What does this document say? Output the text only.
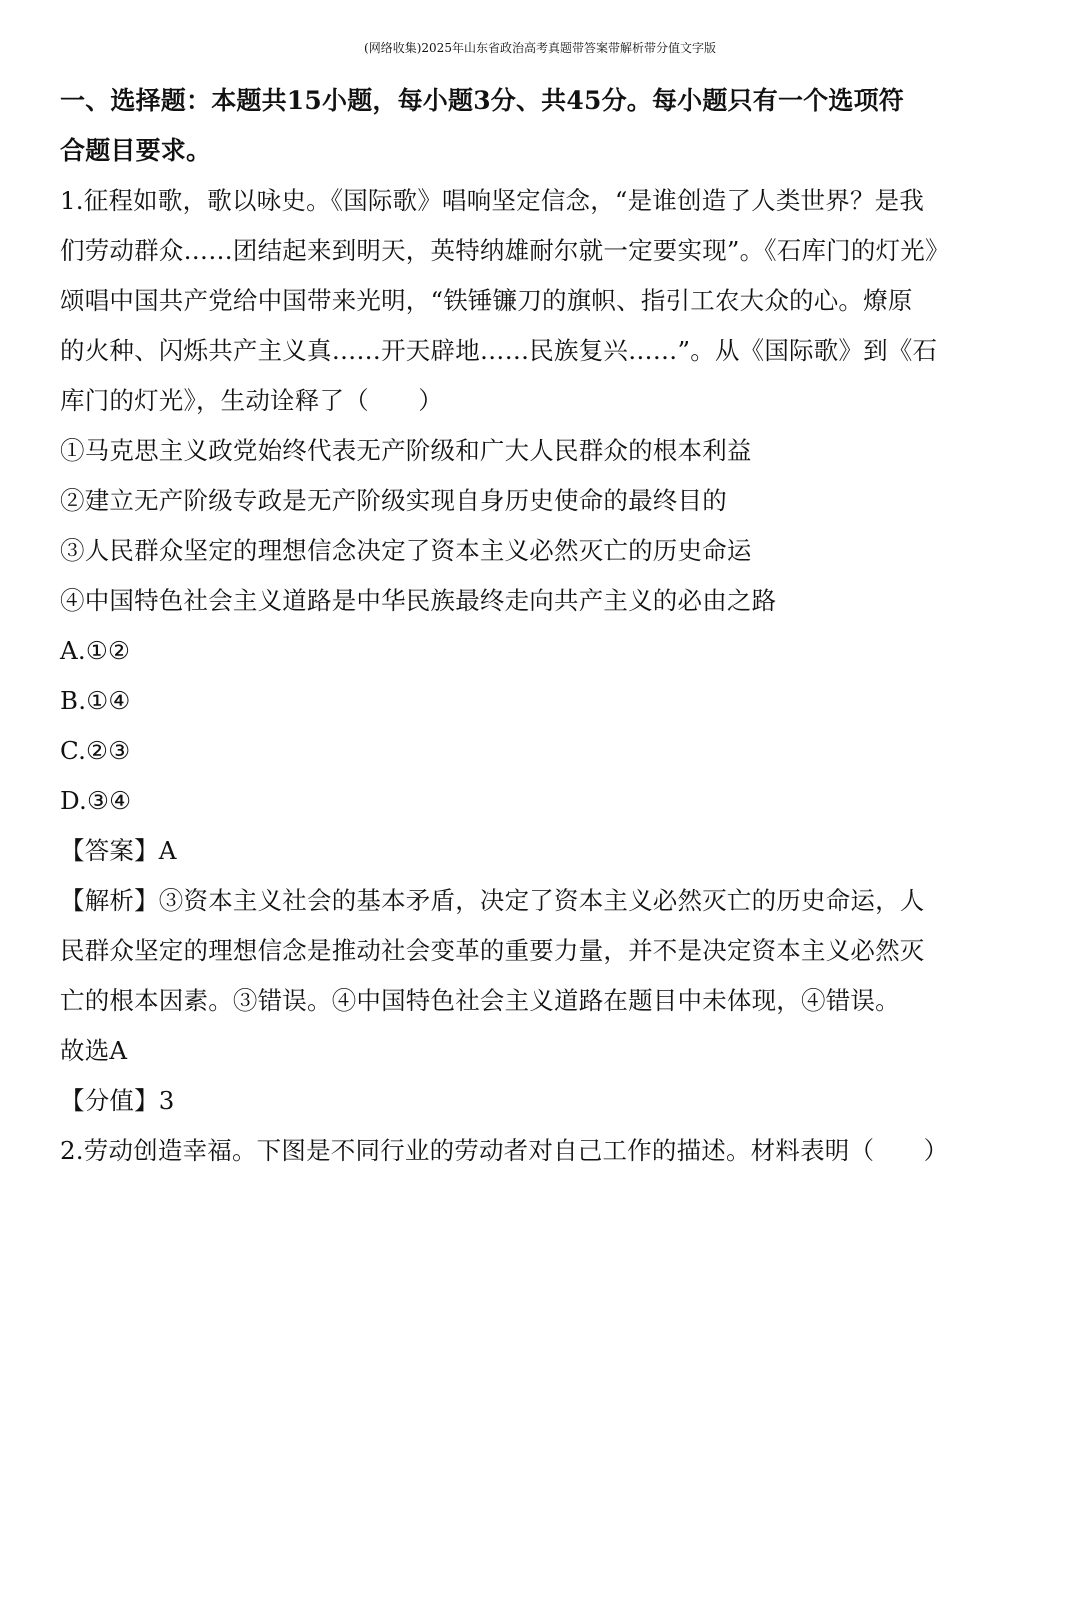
(网络收集)2025年山东省政治高考真题带答案带解析带分值文字版
一、选择题：本题共15小题，每小题3分、共45分。每小题只有一个选项符
合题目要求。
1.征程如歌，歌以咏史。《国际歌》唱响坚定信念，“是谁创造了人类世界？是我
们劳动群众……团结起来到明天，英特纳雄耐尔就一定要实现”。《石库门的灯光》
颂唱中国共产党给中国带来光明，“铁锤镰刀的旗帜、指引工农大众的心。燎原
的火种、闪烁共产主义真……开天辟地……民族复兴……”。从《国际歌》到《石
库门的灯光》，生动诠释了（　　）
①马克思主义政党始终代表无产阶级和广大人民群众的根本利益
②建立无产阶级专政是无产阶级实现自身历史使命的最终目的
③人民群众坚定的理想信念决定了资本主义必然灭亡的历史命运
④中国特色社会主义道路是中华民族最终走向共产主义的必由之路
A.①②
B.①④
C.②③
D.③④
【答案】A
【解析】③资本主义社会的基本矛盾，决定了资本主义必然灭亡的历史命运，人
民群众坚定的理想信念是推动社会变革的重要力量，并不是决定资本主义必然灭
亡的根本因素。③错误。④中国特色社会主义道路在题目中未体现，④错误。
故选A
【分值】3
2.劳动创造幸福。下图是不同行业的劳动者对自己工作的描述。材料表明（　　）
